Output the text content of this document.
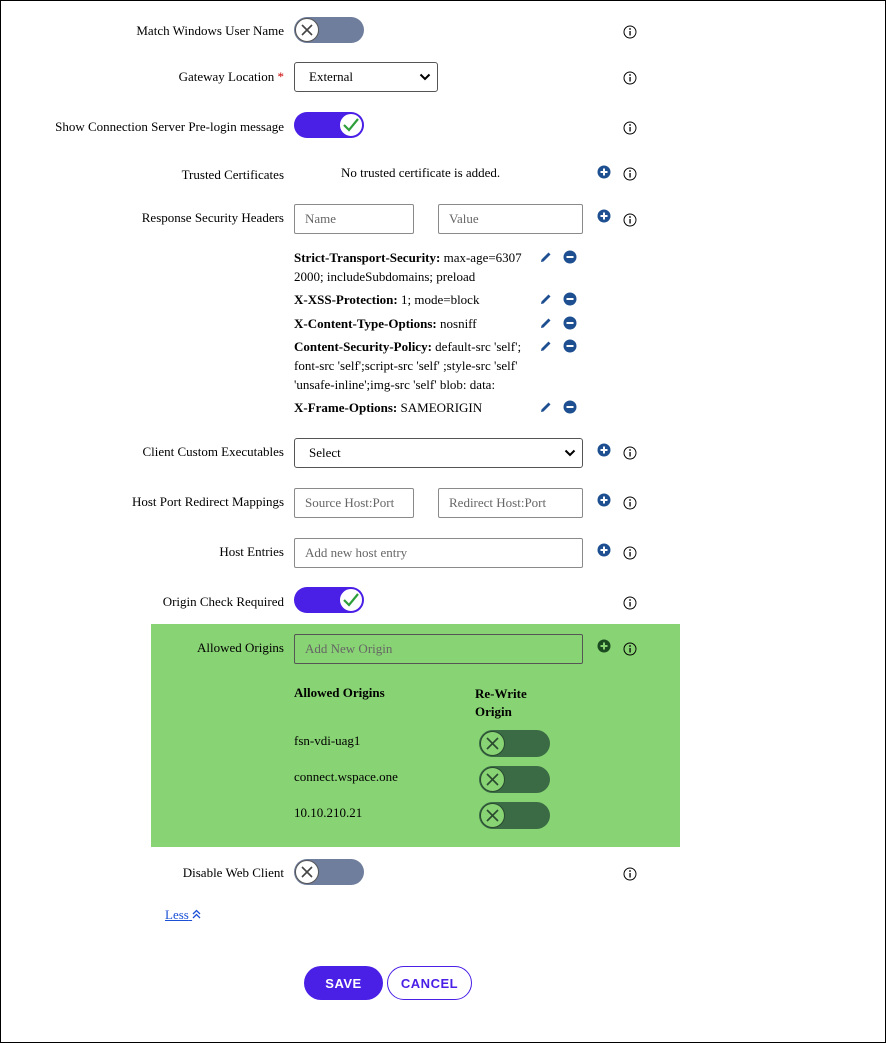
Match Windows User Name
Gateway Location *	External
Show Connection Server Pre-login message
Trusted Certificates	No trusted certificate is added.
Response Security Headers
Name
Value
Strict-Transport-Security: max-age=6307
2000; includeSubdomains; preload
X-XSS-Protection: 1; mode=block
X-Content-Type-Options: nosniff
Content-Security-Policy: default-src 'self';
font-src 'self';script-src 'self' ;style-src 'self'
'unsafe-inline';img-src 'self' blob: data:
X-Frame-Options: SAMEORIGIN
Client Custom Executables	Select
Host Port Redirect Mappings
Source Host:Port
Redirect Host:Port
Host Entries
Add new host entry
Origin Check Required
Allowed Origins
Add New Origin
Allowed Origins	Re-Write Origin
fsn-vdi-uag1
connect.wspace.one
10.10.210.21
Disable Web Client
Less
SAVE	CANCEL
